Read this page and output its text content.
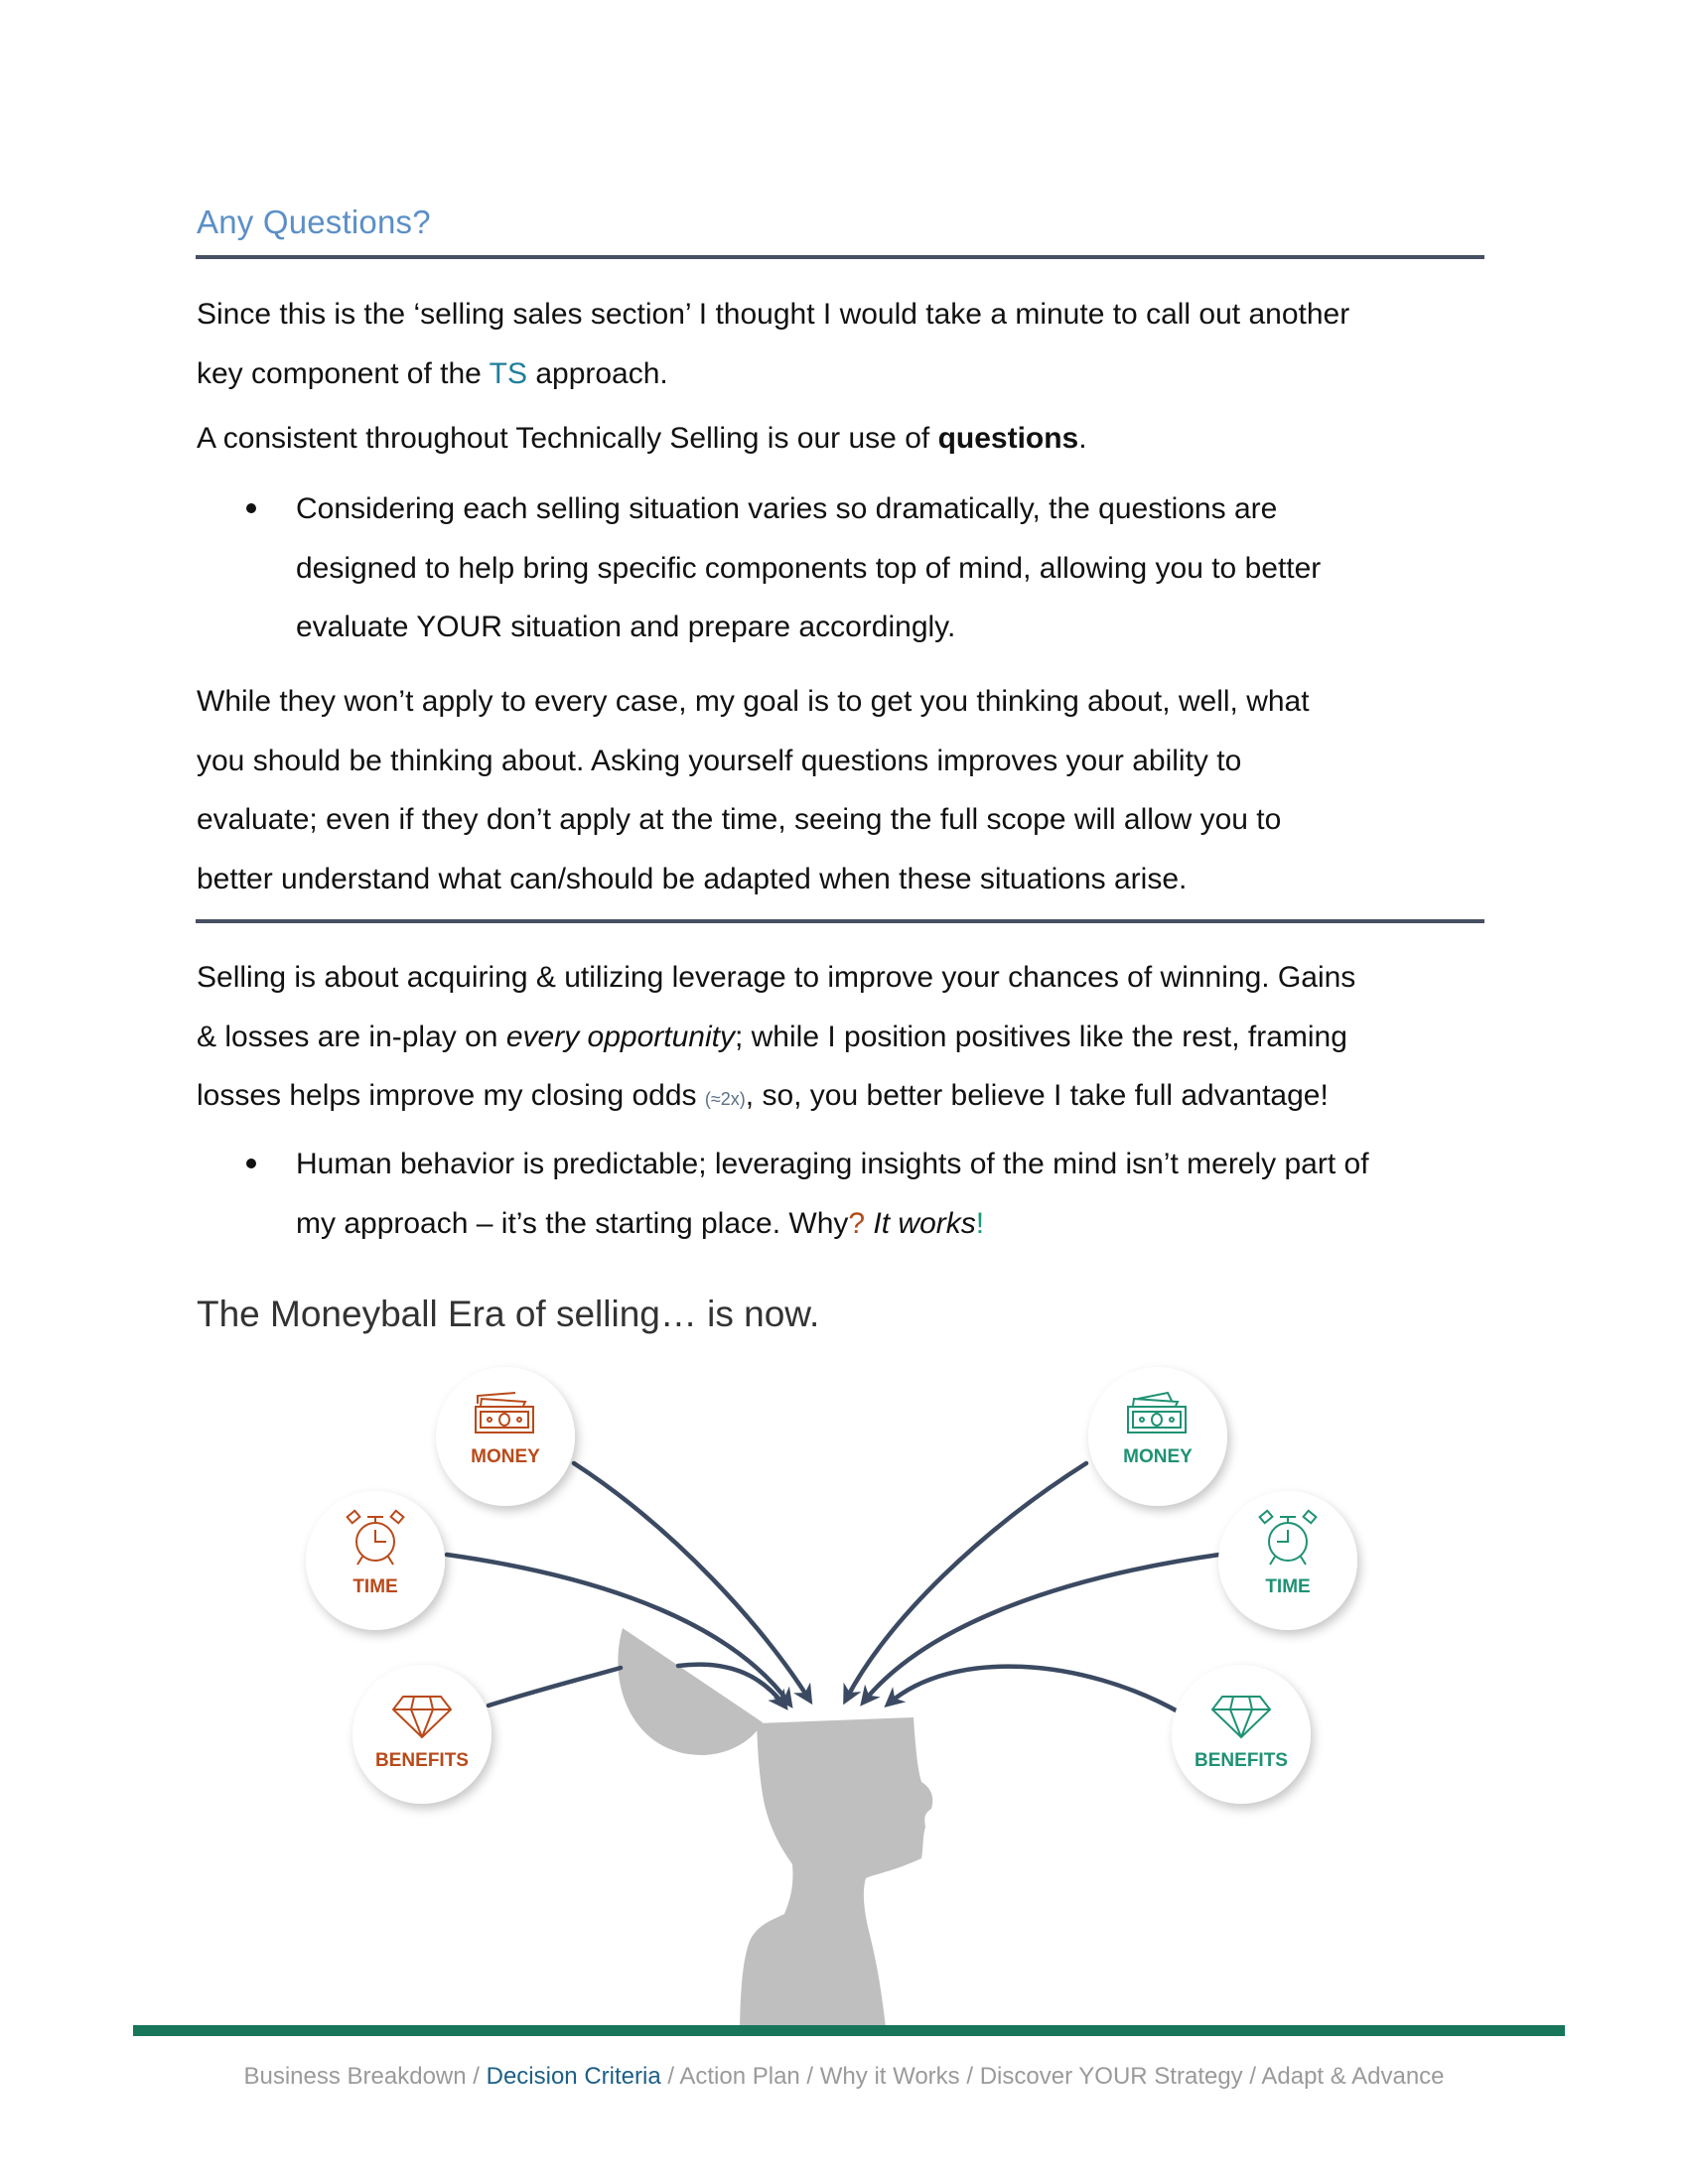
Any Questions?
Since this is the ‘selling sales section’ I thought I would take a minute to call out another
key component of the TS approach.
A consistent throughout Technically Selling is our use of questions.
Considering each selling situation varies so dramatically, the questions are
designed to help bring specific components top of mind, allowing you to better
evaluate YOUR situation and prepare accordingly.
While they won’t apply to every case, my goal is to get you thinking about, well, what
you should be thinking about. Asking yourself questions improves your ability to
evaluate; even if they don’t apply at the time, seeing the full scope will allow you to
better understand what can/should be adapted when these situations arise.
Selling is about acquiring & utilizing leverage to improve your chances of winning. Gains
& losses are in-play on every opportunity; while I position positives like the rest, framing
losses helps improve my closing odds (≈2x), so, you better believe I take full advantage!
Human behavior is predictable; leveraging insights of the mind isn’t merely part of
my approach – it’s the starting place. Why? It works!
The Moneyball Era of selling… is now.
MONEY
TIME
BENEFITS
MONEY
TIME
BENEFITS
Business Breakdown / Decision Criteria / Action Plan / Why it Works / Discover YOUR Strategy / Adapt & Advance
